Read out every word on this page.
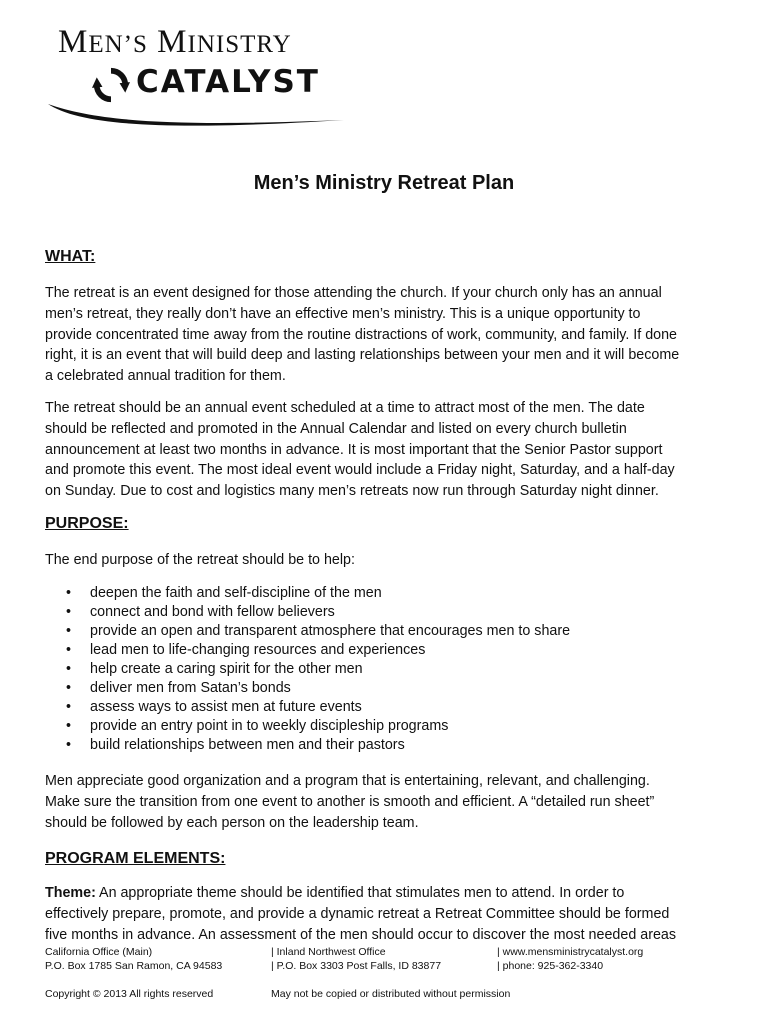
MEN’S MINISTRY
CATALYST
Men’s Ministry Retreat Plan
WHAT:
The retreat is an event designed for those attending the church. If your church only has an annual
men’s retreat, they really don’t have an effective men’s ministry. This is a unique opportunity to
provide concentrated time away from the routine distractions of work, community, and family. If done
right, it is an event that will build deep and lasting relationships between your men and it will become
a celebrated annual tradition for them.
The retreat should be an annual event scheduled at a time to attract most of the men. The date
should be reflected and promoted in the Annual Calendar and listed on every church bulletin
announcement at least two months in advance. It is most important that the Senior Pastor support
and promote this event. The most ideal event would include a Friday night, Saturday, and a half-day
on Sunday. Due to cost and logistics many men’s retreats now run through Saturday night dinner.
PURPOSE:
The end purpose of the retreat should be to help:
• deepen the faith and self-discipline of the men
• connect and bond with fellow believers
• provide an open and transparent atmosphere that encourages men to share
• lead men to life-changing resources and experiences
• help create a caring spirit for the other men
• deliver men from Satan’s bonds
• assess ways to assist men at future events
• provide an entry point in to weekly discipleship programs
• build relationships between men and their pastors
Men appreciate good organization and a program that is entertaining, relevant, and challenging.
Make sure the transition from one event to another is smooth and efficient. A “detailed run sheet”
should be followed by each person on the leadership team.
PROGRAM ELEMENTS:
Theme: An appropriate theme should be identified that stimulates men to attend. In order to
effectively prepare, promote, and provide a dynamic retreat a Retreat Committee should be formed
five months in advance. An assessment of the men should occur to discover the most needed areas
California Office (Main)
P.O. Box 1785 San Ramon, CA 94583
| Inland Northwest Office
| P.O. Box 3303 Post Falls, ID 83877
| www.mensministrycatalyst.org
| phone: 925-362-3340
Copyright © 2013 All rights reserved	May not be copied or distributed without permission
